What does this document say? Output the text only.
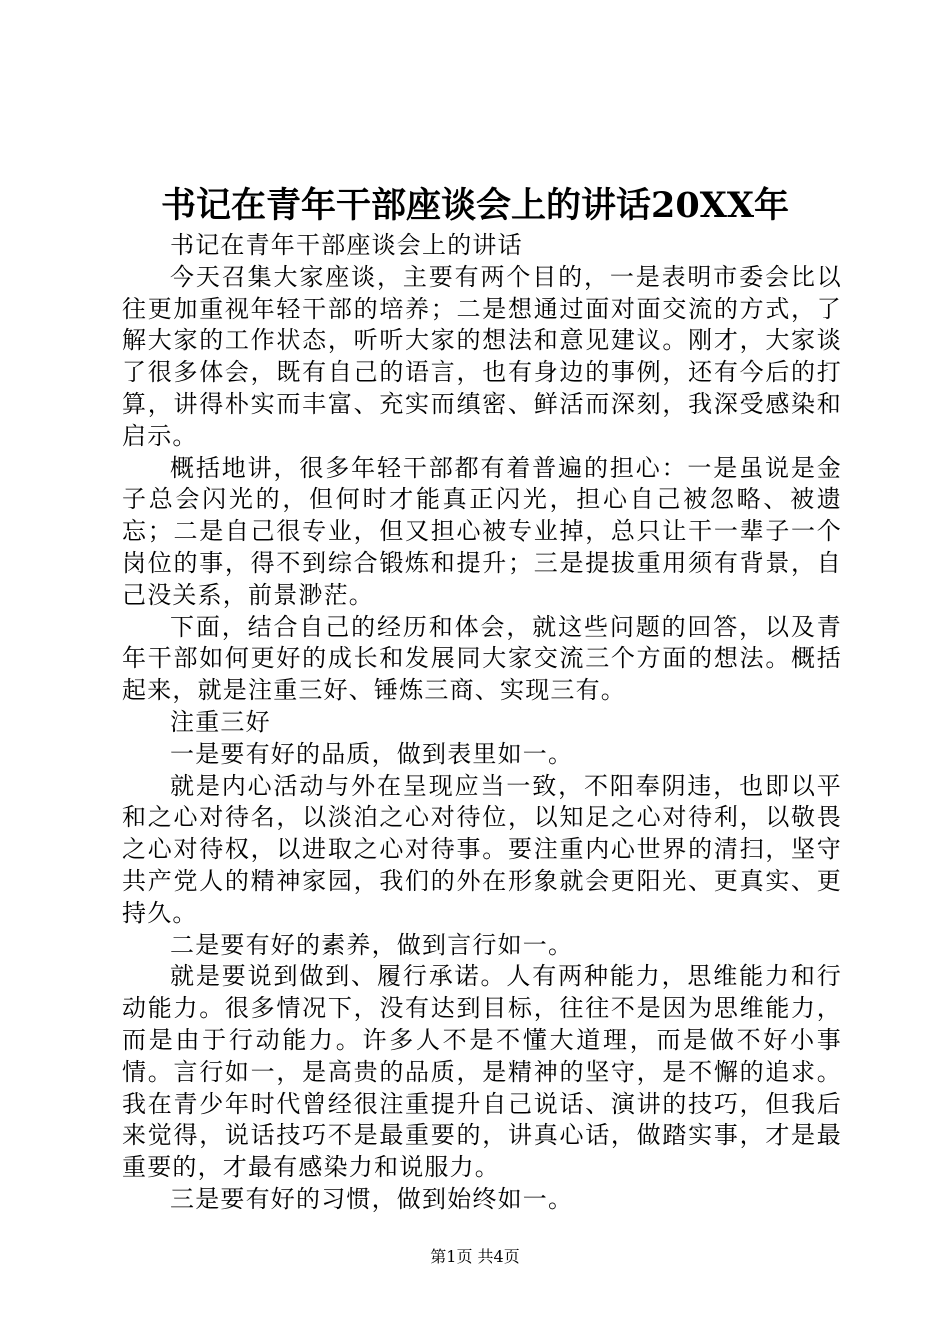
书记在青年干部座谈会上的讲话20XX年

书记在青年干部座谈会上的讲话

今天召集大家座谈，主要有两个目的，一是表明市委会比以往更加重视年轻干部的培养；二是想通过面对面交流的方式，了解大家的工作状态，听听大家的想法和意见建议。刚才，大家谈了很多体会，既有自己的语言，也有身边的事例，还有今后的打算，讲得朴实而丰富、充实而缜密、鲜活而深刻，我深受感染和启示。

概括地讲，很多年轻干部都有着普遍的担心：一是虽说是金子总会闪光的，但何时才能真正闪光，担心自己被忽略、被遗忘；二是自己很专业，但又担心被专业掉，总只让干一辈子一个岗位的事，得不到综合锻炼和提升；三是提拔重用须有背景，自己没关系，前景渺茫。

下面，结合自己的经历和体会，就这些问题的回答，以及青年干部如何更好的成长和发展同大家交流三个方面的想法。概括起来，就是注重三好、锤炼三商、实现三有。

注重三好

一是要有好的品质，做到表里如一。

就是内心活动与外在呈现应当一致，不阳奉阴违，也即以平和之心对待名，以淡泊之心对待位，以知足之心对待利，以敬畏之心对待权，以进取之心对待事。要注重内心世界的清扫，坚守共产党人的精神家园，我们的外在形象就会更阳光、更真实、更持久。

二是要有好的素养，做到言行如一。

就是要说到做到、履行承诺。人有两种能力，思维能力和行动能力。很多情况下，没有达到目标，往往不是因为思维能力，而是由于行动能力。许多人不是不懂大道理，而是做不好小事情。言行如一，是高贵的品质，是精神的坚守，是不懈的追求。我在青少年时代曾经很注重提升自己说话、演讲的技巧，但我后来觉得，说话技巧不是最重要的，讲真心话，做踏实事，才是最重要的，才最有感染力和说服力。

三是要有好的习惯，做到始终如一。

第1页 共4页
